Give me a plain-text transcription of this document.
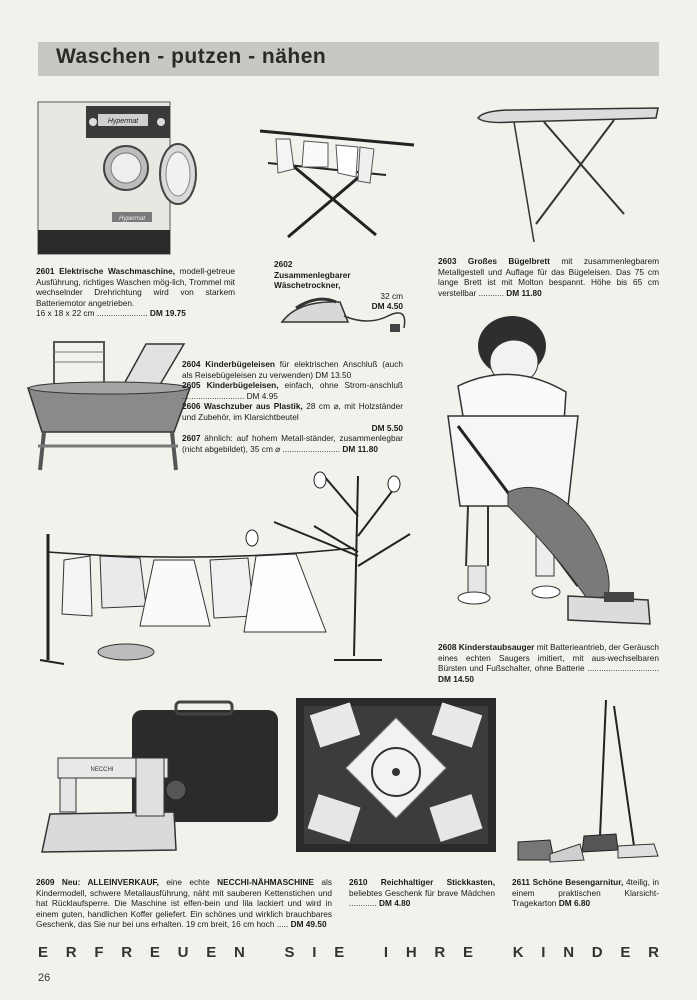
Waschen - putzen - nähen
Hypermat
Hypermat
2601 Elektrische Waschmaschine, modell-getreue Ausführung, richtiges Waschen mög-lich, Trommel mit wechselnder Drehrichtung wird von starkem Batteriemotor angetrieben.
16 x 18 x 22 cm ...................... DM 19.75
2602
Zusammenlegbarer Wäschetrockner,
32 cm
DM 4.50
2603 Großes Bügelbrett mit zusammenlegbarem Metallgestell und Auflage für das Bügeleisen. Das 75 cm lange Brett ist mit Molton bespannt. Höhe bis 65 cm verstellbar ........... DM 11.80
2604 Kinderbügeleisen für elektrischen Anschluß (auch als Reisebügeleisen zu verwenden) DM 13.50
2605 Kinderbügeleisen, einfach, ohne Strom-anschluß ........................... DM 4.95
2606 Waschzuber aus Plastik, 28 cm ⌀, mit Holzständer und Zubehör, im Klarsichtbeutel
DM 5.50
2607 ähnlich: auf hohem Metall-ständer, zusammenlegbar (nicht abgebildet), 35 cm ⌀ ......................... DM 11.80
2608 Kinderstaubsauger mit Batterieantrieb, der Geräusch eines echten Saugers imitiert, mit aus-wechselbaren Bürsten und Fußschalter, ohne Batterie ............................... DM 14.50
NECCHI
2609 Neu: ALLEINVERKAUF, eine echte NECCHI-NÄHMASCHINE als Kindermodell, schwere Metallausführung, näht mit sauberen Kettenstichen und hat Rücklaufsperre. Die Maschine ist elfen-bein und lila lackiert und wird in einem guten, handlichen Koffer geliefert. Ein schönes und wirklich brauchbares Geschenk, das Sie nur bei uns erhalten. 19 cm breit, 16 cm hoch ..... DM 49.50
2610 Reichhaltiger Stickkasten, beliebtes Geschenk für brave Mädchen ............ DM 4.80
2611 Schöne Besengarnitur, 4teilig, in einem praktischen Klarsicht-Tragekarton DM 6.80
E R F R E U E N
	S I E
	I H R E
	K I N D E R
26
